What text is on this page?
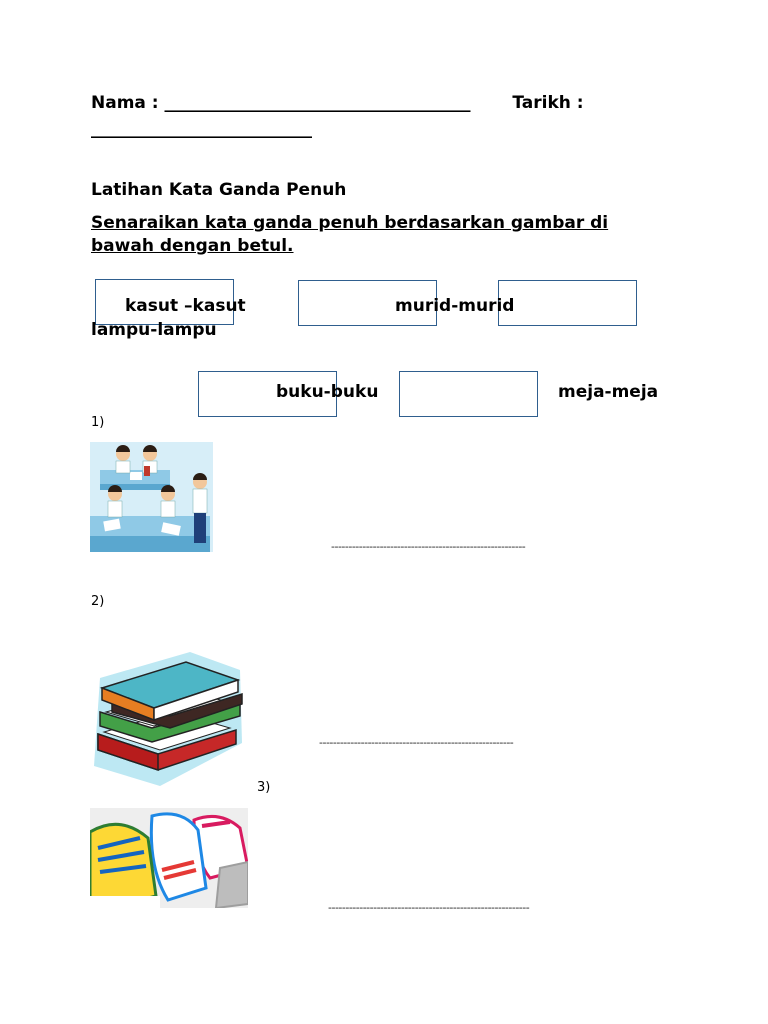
Nama : ____________________________________ Tarikh :
__________________________
Latihan Kata Ganda Penuh
Senaraikan kata ganda penuh berdasarkan gambar di bawah dengan betul.
kasut –kasut	murid-murid
lampu-lampu
buku-buku	meja-meja
1)
--------------------------------------------------------
2)
--------------------------------------------------------
3)
----------------------------------------------------------
